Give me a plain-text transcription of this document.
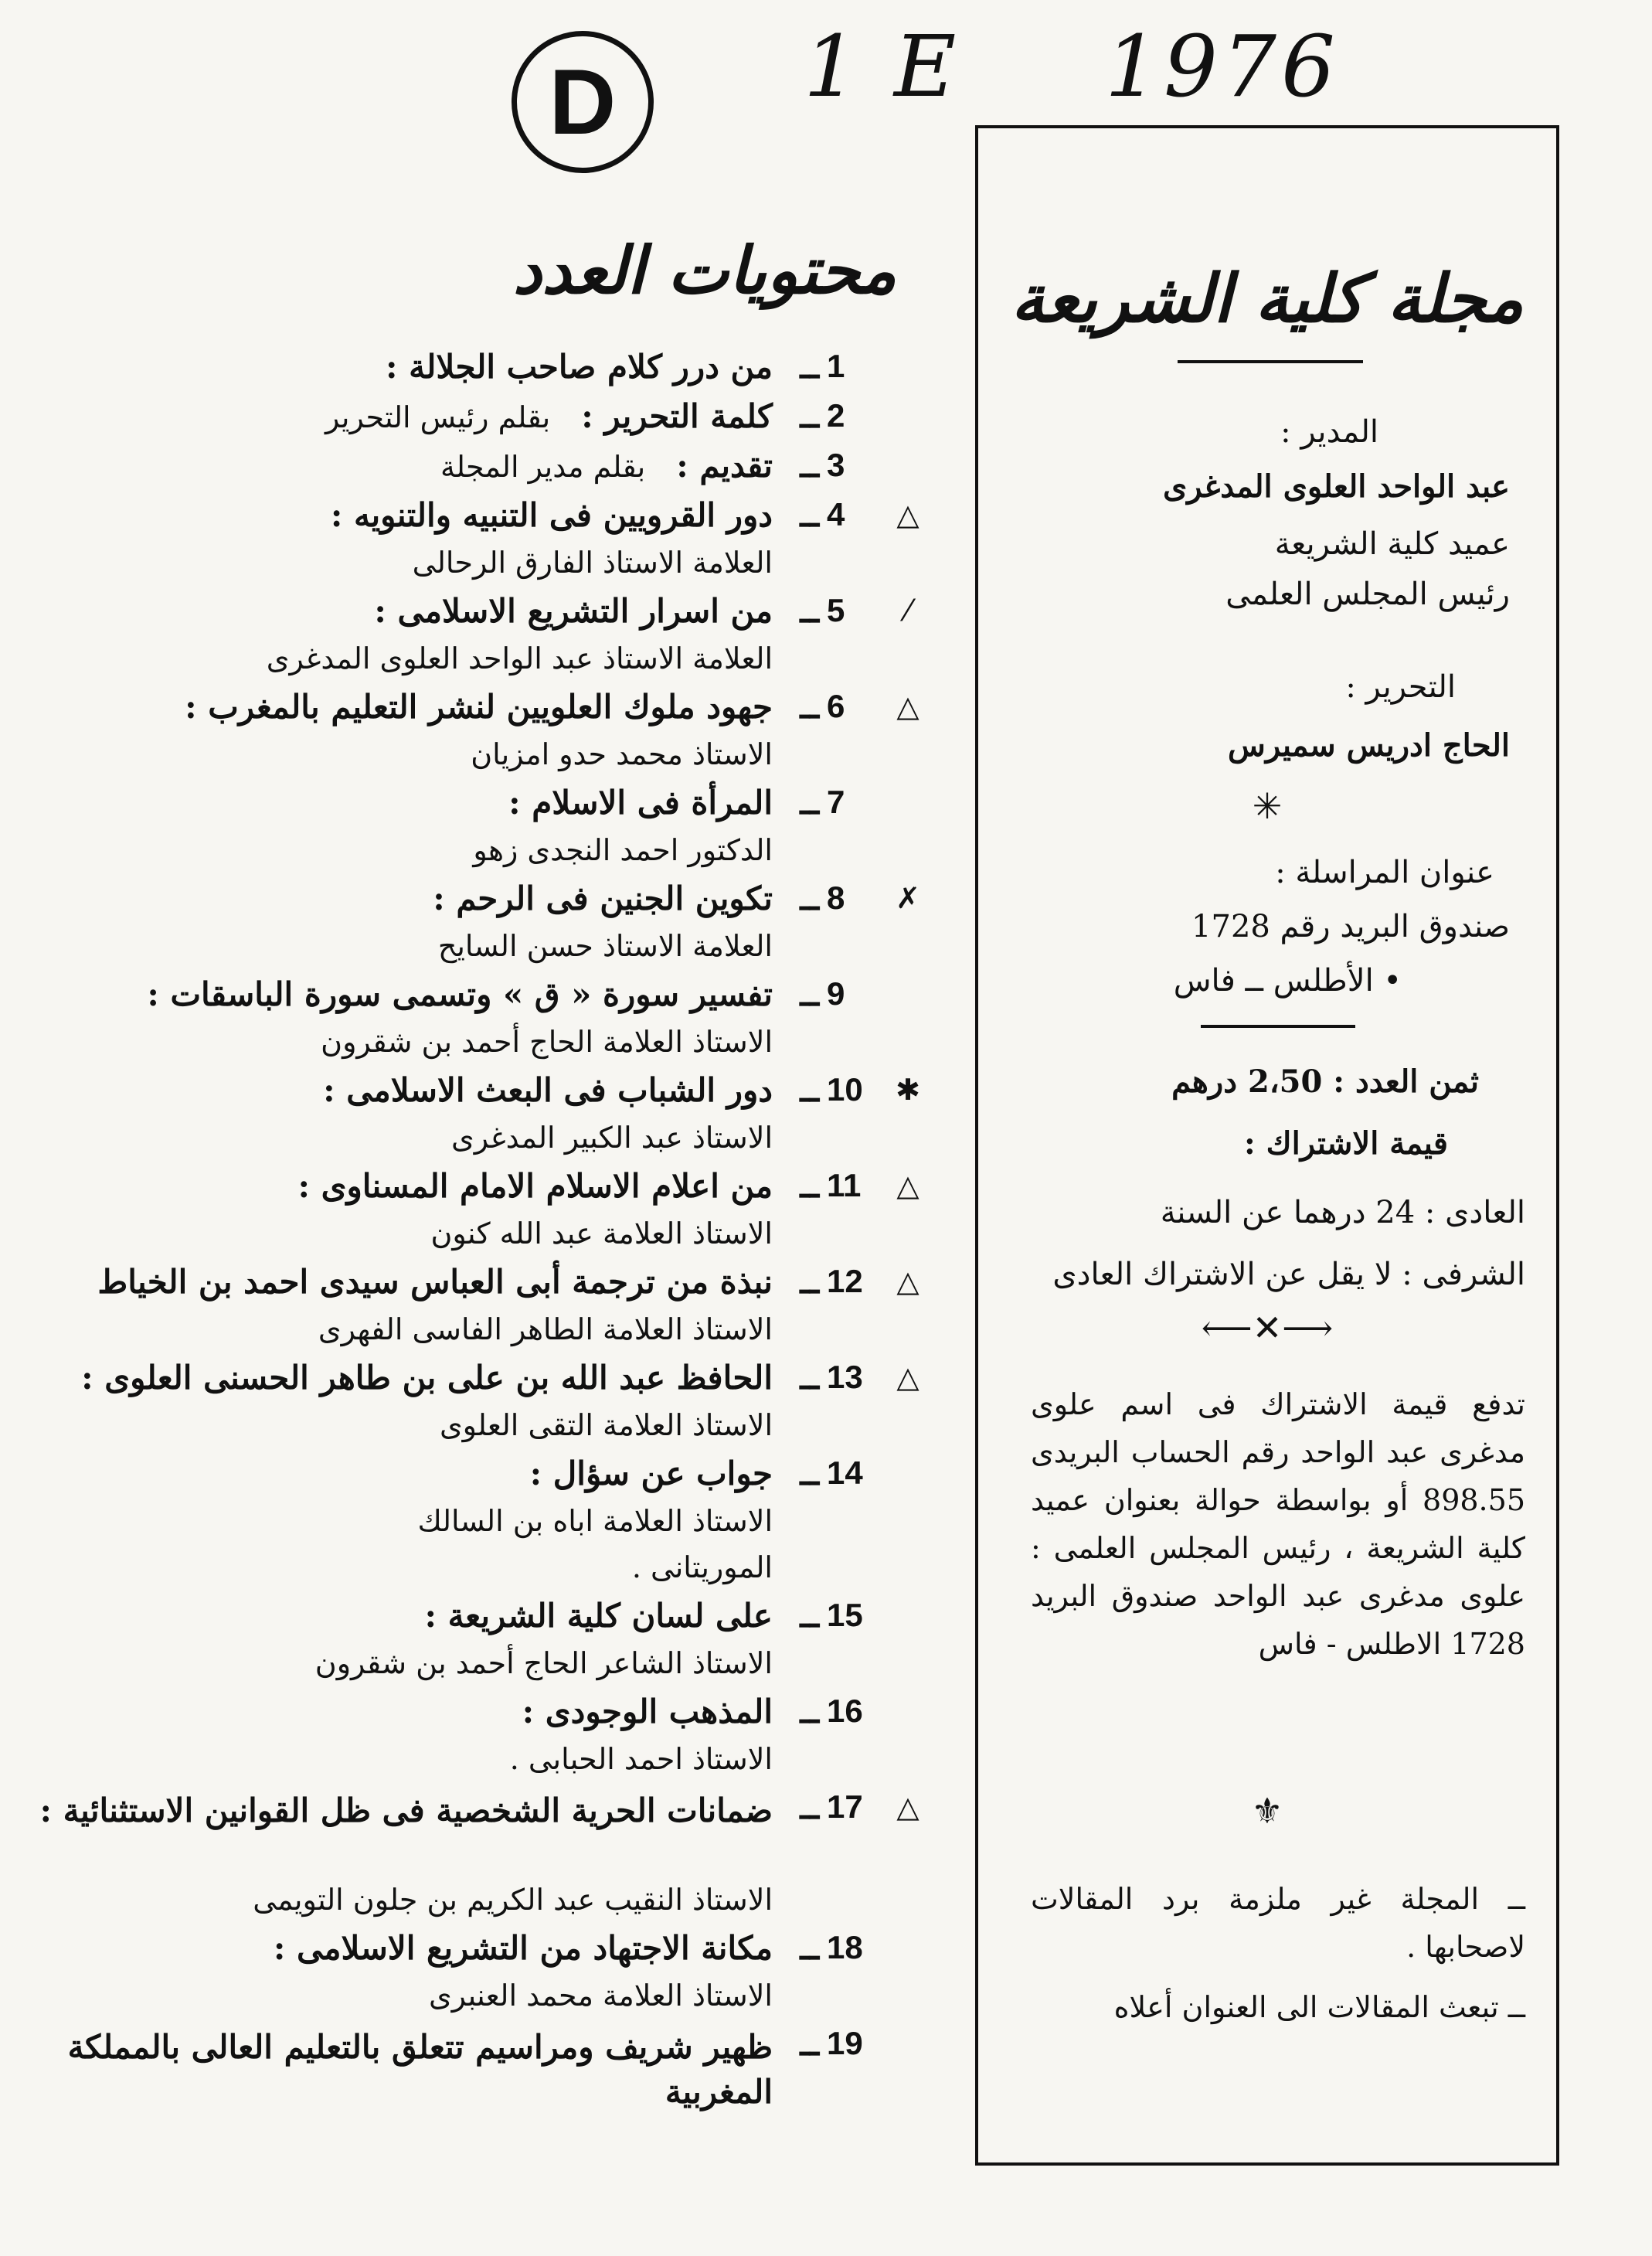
D 1 E 1976
محتويات العدد
1
ــ
من درر كلام صاحب الجلالة :
2
ــ
كلمة التحرير :بقلم رئيس التحرير
3
ــ
تقديم :بقلم مدير المجلة
△
4
ــ
دور القرويين فى التنبيه والتنويه :
العلامة الاستاذ الفارق الرحالى
⁄
5
ــ
من اسرار التشريع الاسلامى :
العلامة الاستاذ عبد الواحد العلوى المدغرى
△
6
ــ
جهود ملوك العلويين لنشر التعليم بالمغرب :
الاستاذ محمد حدو امزيان
7
ــ
المرأة فى الاسلام :
الدكتور احمد النجدى زهو
✗
8
ــ
تكوين الجنين فى الرحم :
العلامة الاستاذ حسن السايح
9
ــ
تفسير سورة « ق » وتسمى سورة الباسقات :
الاستاذ العلامة الحاج أحمد بن شقرون
✱
10
ــ
دور الشباب فى البعث الاسلامى :
الاستاذ عبد الكبير المدغرى
△
11
ــ
من اعلام الاسلام الامام المسناوى :
الاستاذ العلامة عبد الله كنون
△
12
ــ
نبذة من ترجمة أبى العباس سيدى احمد بن الخياط
الاستاذ العلامة الطاهر الفاسى الفهرى
△
13
ــ
الحافظ عبد الله بن على بن طاهر الحسنى العلوى :
الاستاذ العلامة التقى العلوى
14
ــ
جواب عن سؤال :
الاستاذ العلامة اباه بن السالك
الموريتانى .
15
ــ
على لسان كلية الشريعة :
الاستاذ الشاعر الحاج أحمد بن شقرون
16
ــ
المذهب الوجودى :
الاستاذ احمد الحبابى .
△
17
ــ
ضمانات الحرية الشخصية فى ظل القوانين الاستثنائية :
الاستاذ النقيب عبد الكريم بن جلون التويمى
18
ــ
مكانة الاجتهاد من التشريع الاسلامى :
الاستاذ العلامة محمد العنبرى
19
ــ
ظهير شريف ومراسيم تتعلق بالتعليم العالى بالمملكة المغربية
مجلة كلية الشريعة
المدير :
عبد الواحد العلوى المدغرى
عميد كلية الشريعة
رئيس المجلس العلمى
التحرير :
الحاج ادريس سميرس
✳
عنوان المراسلة :
صندوق البريد رقم 1728
• الأطلس ــ فاس
ثمن العدد : 2،50 درهم
قيمة الاشتراك :
العادى : 24 درهما عن السنة
الشرفى : لا يقل عن الاشتراك العادى
⟶✕⟵
تدفع قيمة الاشتراك فى اسم علوى مدغرى عبد الواحد رقم الحساب البريدى 898.55 أو بواسطة حوالة بعنوان عميد كلية الشريعة ، رئيس المجلس العلمى : علوى مدغرى عبد الواحد صندوق البريد 1728 الاطلس - فاس
⚜
ــ المجلة غير ملزمة برد المقالات لاصحابها .
ــ تبعث المقالات الى العنوان أعلاه
